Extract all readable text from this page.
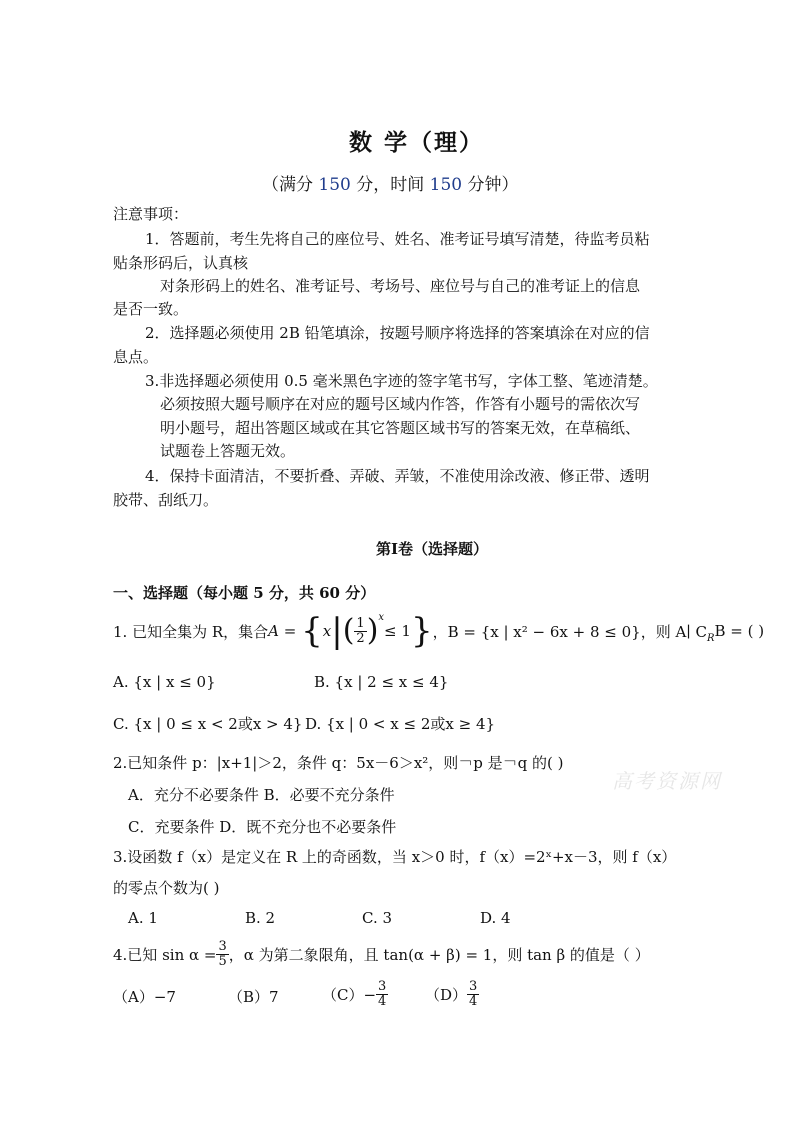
数 学（理）
（满分 150 分，时间 150 分钟）
注意事项：
1．答题前，考生先将自己的座位号、姓名、准考证号填写清楚，待监考员粘
贴条形码后，认真核
对条形码上的姓名、准考证号、考场号、座位号与自己的准考证上的信息
是否一致。
2．选择题必须使用 2B 铅笔填涂，按题号顺序将选择的答案填涂在对应的信
息点。
3.非选择题必须使用 0.5 毫米黑色字迹的签字笔书写，字体工整、笔迹清楚。
必须按照大题号顺序在对应的题号区域内作答，作答有小题号的需依次写
明小题号，超出答题区域或在其它答题区域书写的答案无效，在草稿纸、
试题卷上答题无效。
4．保持卡面清洁，不要折叠、弄破、弄皱，不准使用涂改液、修正带、透明
胶带、刮纸刀。
第Ⅰ卷（选择题）
一、选择题（每小题 5 分，共 60 分）
1. 已知全集为 R，集合 A = { x | ( $\frac{1}{2}$ ) x
≤ 1 } ，B = {x | x² − 6x + 8 ≤ 0}，则 A∣ C R B = ( )
A. {x | x ≤ 0}	B. {x | 2 ≤ x ≤ 4}
C. {x | 0 ≤ x < 2或x > 4} D. {x | 0 < x ≤ 2或x ≥ 4}
2.已知条件 p：|x+1|＞2，条件 q：5x－6＞x²，则￢p 是￢q 的( )
高考资源网
A．充分不必要条件 B．必要不充分条件
C．充要条件 D．既不充分也不必要条件
3.设函数 f（x）是定义在 R 上的奇函数，当 x＞0 时，f（x）=2ˣ+x－3，则 f（x）
的零点个数为( )
A. 1	B. 2	C. 3	D. 4
4.已知 $\sin \alpha = \frac{3}{5}$ ，α 为第二象限角，且 tan(α + β) = 1，则 tan β 的值是（ ）
（A）−7	（B）7	$(C)- \frac{3}{4} (D) \frac{3}{4}$
